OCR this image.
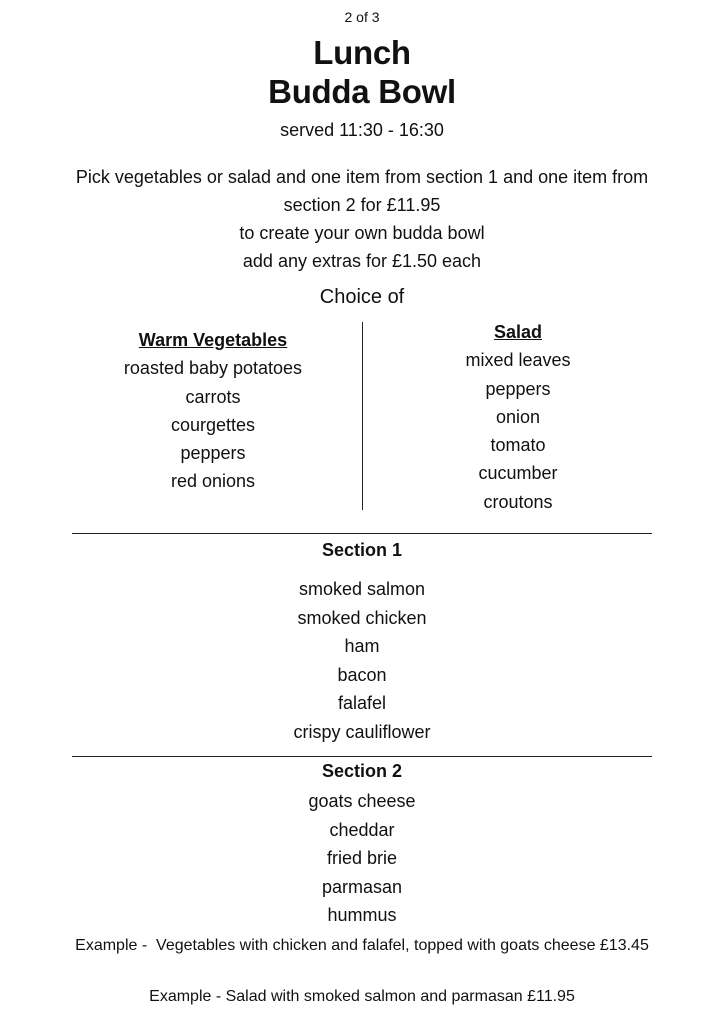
2 of 3
Lunch
Budda Bowl
served 11:30 - 16:30
Pick vegetables or salad and one item from section 1 and one item from
section 2 for £11.95
to create your own budda bowl
add any extras for £1.50 each
Choice of
Warm Vegetables
roasted baby potatoes
carrots
courgettes
peppers
red onions
Salad
mixed leaves
peppers
onion
tomato
cucumber
croutons
Section 1
smoked salmon
smoked chicken
ham
bacon
falafel
crispy cauliflower
Section 2
goats cheese
cheddar
fried brie
parmasan
hummus
Example -  Vegetables with chicken and falafel, topped with goats cheese £13.45
Example - Salad with smoked salmon and parmasan £11.95
